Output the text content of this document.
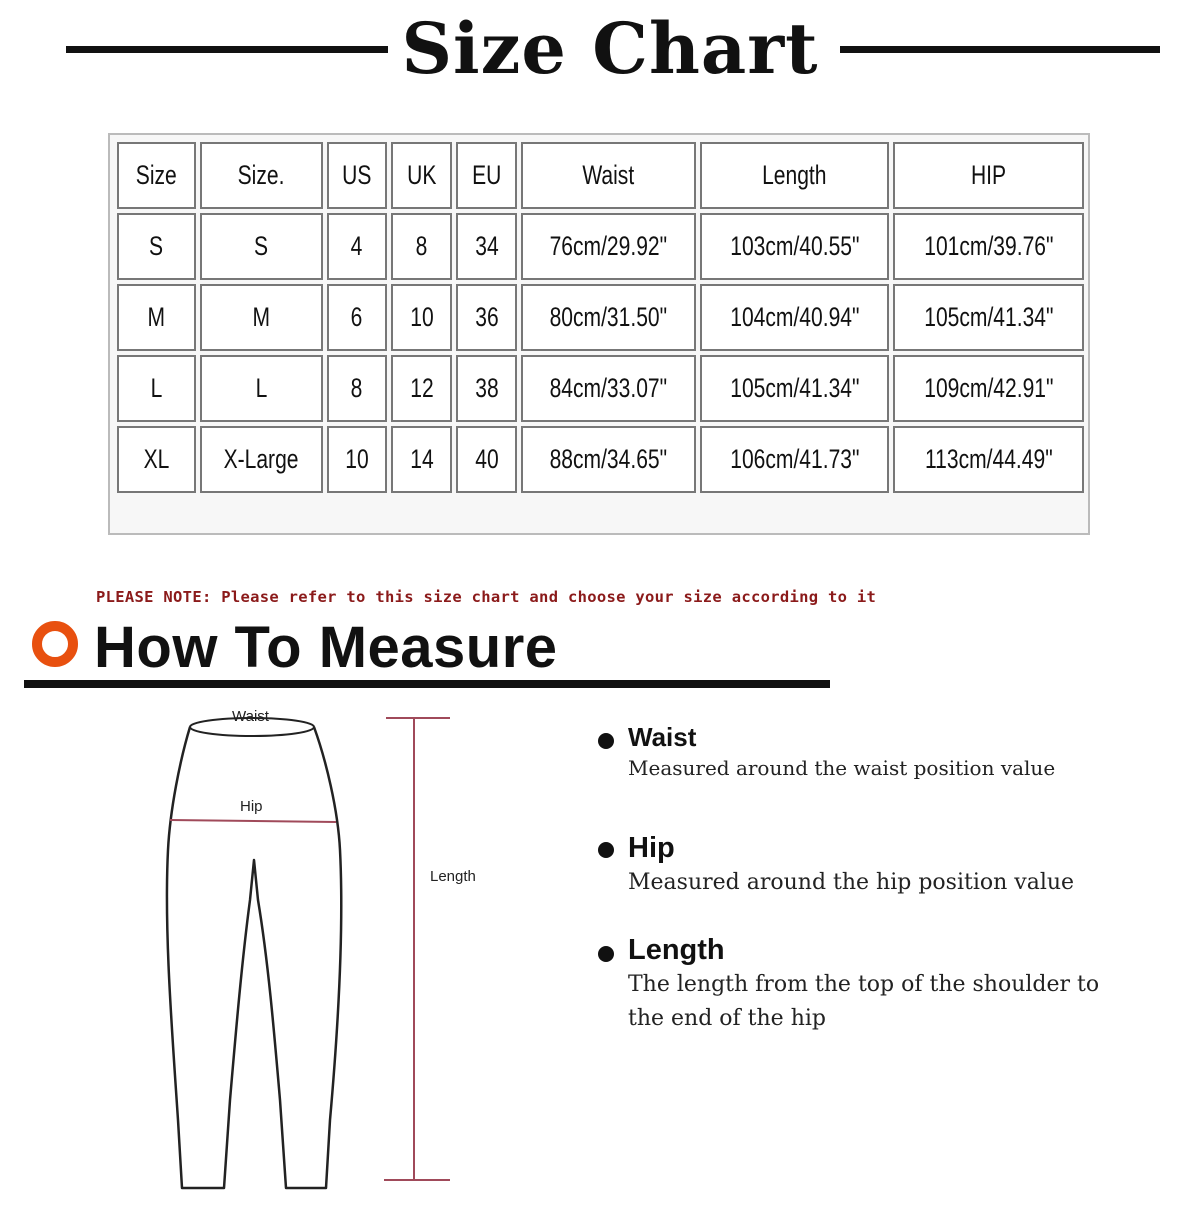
Size Chart
Size	Size.	US	UK	EU	Waist	Length	HIP
S	S	4	8	34	76cm/29.92"	103cm/40.55"	101cm/39.76"
M	M	6	10	36	80cm/31.50"	104cm/40.94"	105cm/41.34"
L	L	8	12	38	84cm/33.07"	105cm/41.34"	109cm/42.91"
XL	X-Large	10	14	40	88cm/34.65"	106cm/41.73"	113cm/44.49"
PLEASE NOTE: Please refer to this size chart and choose your size according to it
How To Measure
Waist
Hip
Length
Waist
Measured around the waist position value
Hip
Measured around the hip position value
Length
The length from the top of the shoulder to
the end of the hip
